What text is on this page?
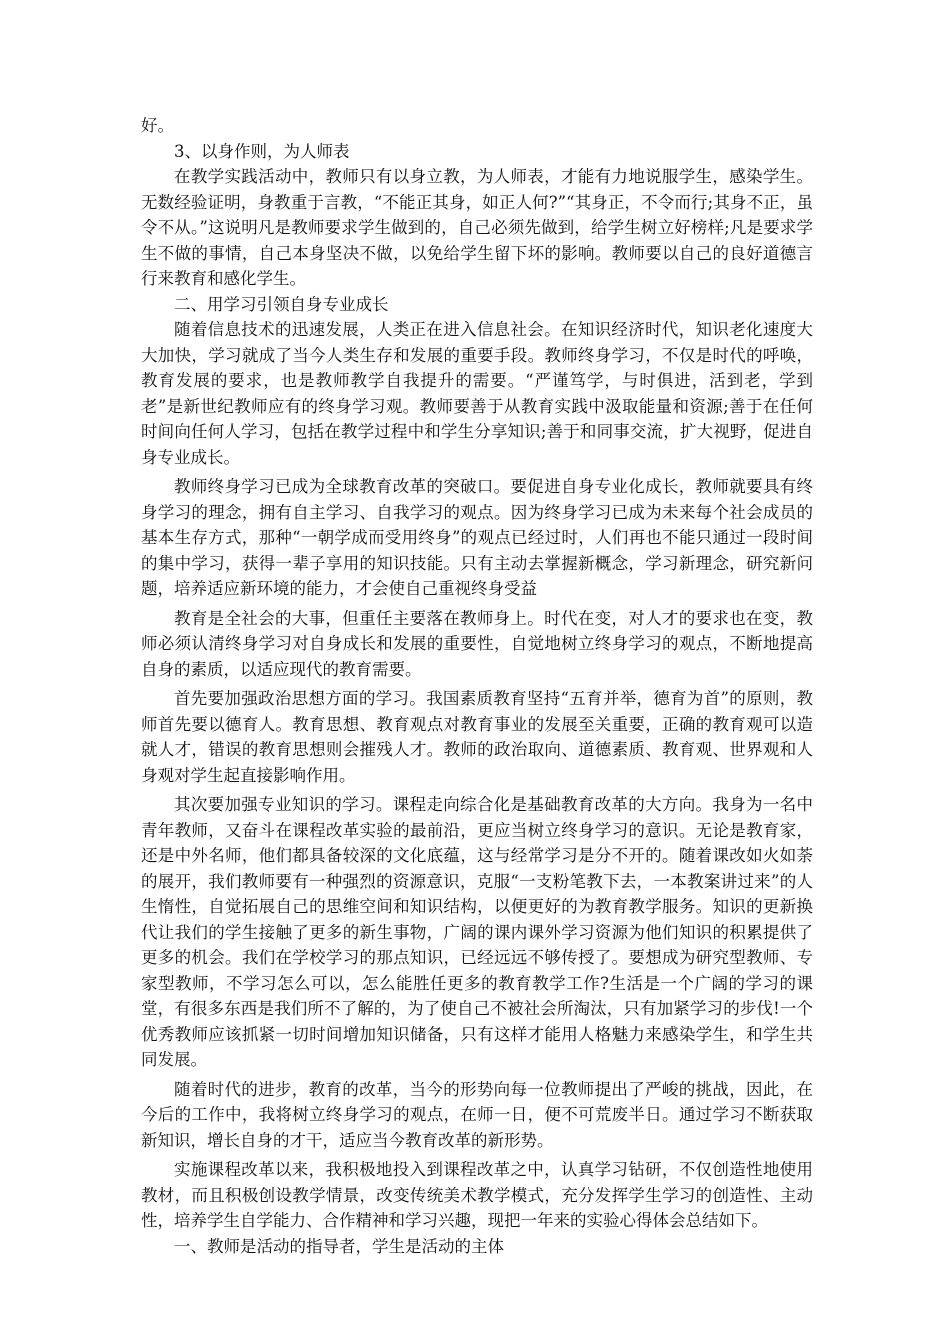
好。

3、以身作则，为人师表

在教学实践活动中，教师只有以身立教，为人师表，才能有力地说服学生，感染学生。无数经验证明，身教重于言教，“不能正其身，如正人何?”“其身正，不令而行;其身不正，虽令不从。”这说明凡是教师要求学生做到的，自己必须先做到，给学生树立好榜样;凡是要求学生不做的事情，自己本身坚决不做，以免给学生留下坏的影响。教师要以自己的良好道德言行来教育和感化学生。

二、用学习引领自身专业成长

随着信息技术的迅速发展，人类正在进入信息社会。在知识经济时代，知识老化速度大大加快，学习就成了当今人类生存和发展的重要手段。教师终身学习，不仅是时代的呼唤，教育发展的要求，也是教师教学自我提升的需要。“严谨笃学，与时俱进，活到老，学到老”是新世纪教师应有的终身学习观。教师要善于从教育实践中汲取能量和资源;善于在任何时间向任何人学习，包括在教学过程中和学生分享知识;善于和同事交流，扩大视野，促进自身专业成长。

教师终身学习已成为全球教育改革的突破口。要促进自身专业化成长，教师就要具有终身学习的理念，拥有自主学习、自我学习的观点。因为终身学习已成为未来每个社会成员的基本生存方式，那种“一朝学成而受用终身”的观点已经过时，人们再也不能只通过一段时间的集中学习，获得一辈子享用的知识技能。只有主动去掌握新概念，学习新理念，研究新问题，培养适应新环境的能力，才会使自己重视终身受益

教育是全社会的大事，但重任主要落在教师身上。时代在变，对人才的要求也在变，教师必须认清终身学习对自身成长和发展的重要性，自觉地树立终身学习的观点，不断地提高自身的素质，以适应现代的教育需要。

首先要加强政治思想方面的学习。我国素质教育坚持“五育并举，德育为首”的原则，教师首先要以德育人。教育思想、教育观点对教育事业的发展至关重要，正确的教育观可以造就人才，错误的教育思想则会摧残人才。教师的政治取向、道德素质、教育观、世界观和人身观对学生起直接影响作用。

其次要加强专业知识的学习。课程走向综合化是基础教育改革的大方向。我身为一名中青年教师，又奋斗在课程改革实验的最前沿，更应当树立终身学习的意识。无论是教育家，还是中外名师，他们都具备较深的文化底蕴，这与经常学习是分不开的。随着课改如火如荼的展开，我们教师要有一种强烈的资源意识，克服“一支粉笔教下去，一本教案讲过来”的人生惰性，自觉拓展自己的思维空间和知识结构，以便更好的为教育教学服务。知识的更新换代让我们的学生接触了更多的新生事物，广阔的课内课外学习资源为他们知识的积累提供了更多的机会。我们在学校学习的那点知识，已经远远不够传授了。要想成为研究型教师、专家型教师，不学习怎么可以，怎么能胜任更多的教育教学工作?生活是一个广阔的学习的课堂，有很多东西是我们所不了解的，为了使自己不被社会所淘汰，只有加紧学习的步伐!一个优秀教师应该抓紧一切时间增加知识储备，只有这样才能用人格魅力来感染学生，和学生共同发展。

随着时代的进步，教育的改革，当今的形势向每一位教师提出了严峻的挑战，因此，在今后的工作中，我将树立终身学习的观点，在师一日，便不可荒废半日。通过学习不断获取新知识，增长自身的才干，适应当今教育改革的新形势。

实施课程改革以来，我积极地投入到课程改革之中，认真学习钻研，不仅创造性地使用教材，而且积极创设教学情景，改变传统美术教学模式，充分发挥学生学习的创造性、主动性，培养学生自学能力、合作精神和学习兴趣，现把一年来的实验心得体会总结如下。

一、教师是活动的指导者，学生是活动的主体
